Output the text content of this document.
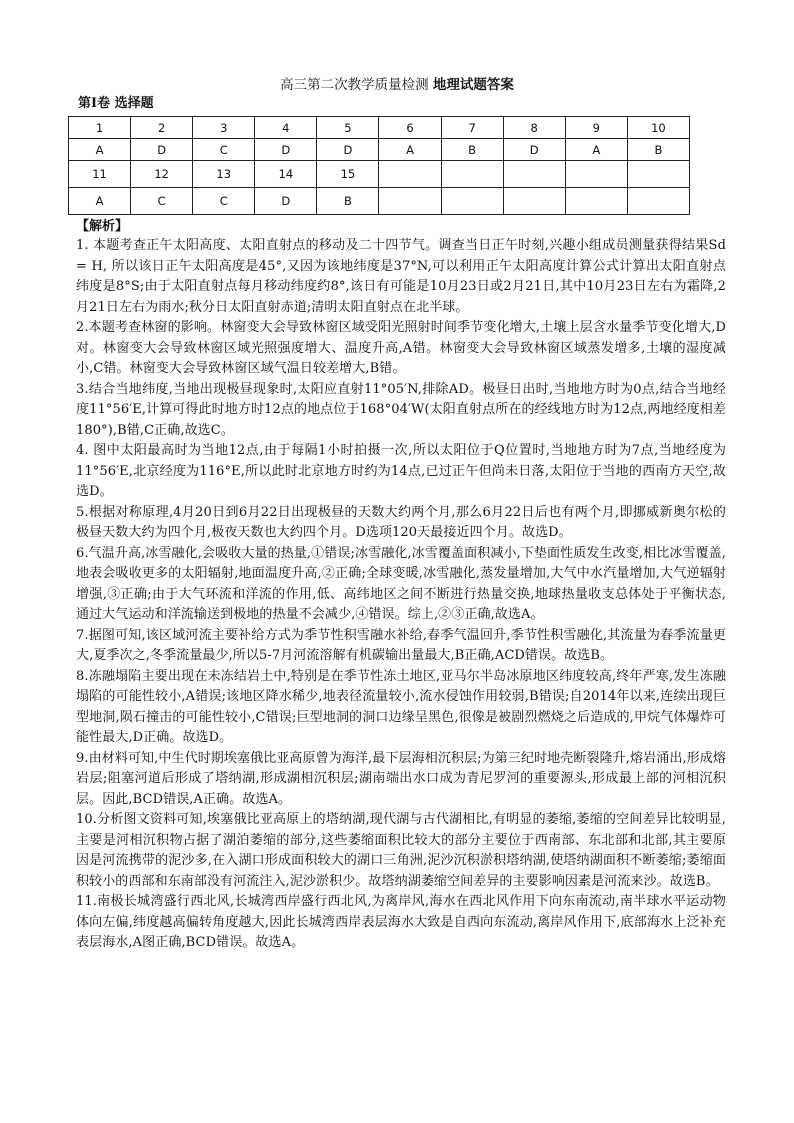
高三第二次教学质量检测 地理试题答案
第Ⅰ卷 选择题
1	2	3	4	5	6	7	8	9	10
A	D	C	D	D	A	B	D	A	B
11	12	13	14	15					
A	C	C	D	B					
【解析】

1. 本题考查正午太阳高度、太阳直射点的移动及二十四节气。调查当日正午时刻,兴趣小组成员测量获得结果Sd = H, 所以该日正午太阳高度是45°,又因为该地纬度是37°N,可以利用正午太阳高度计算公式计算出太阳直射点纬度是8°S;由于太阳直射点每月移动纬度约8°,该日有可能是10月23日或2月21日,其中10月23日左右为霜降,2月21日左右为雨水;秋分日太阳直射赤道;清明太阳直射点在北半球。

2.本题考查林窗的影响。林窗变大会导致林窗区域受阳光照射时间季节变化增大,土壤上层含水量季节变化增大,D对。林窗变大会导致林窗区域光照强度增大、温度升高,A错。林窗变大会导致林窗区域蒸发增多,土壤的湿度减小,C错。林窗变大会导致林窗区域气温日较差增大,B错。

3.结合当地纬度,当地出现极昼现象时,太阳应直射11°05′N,排除AD。极昼日出时,当地地方时为0点,结合当地经度11°56′E,计算可得此时地方时12点的地点位于168°04′W(太阳直射点所在的经线地方时为12点,两地经度相差180°),B错,C正确,故选C。

4. 图中太阳最高时为当地12点,由于每隔1小时拍摄一次,所以太阳位于Q位置时,当地地方时为7点,当地经度为11°56′E,北京经度为116°E,所以此时北京地方时约为14点,已过正午但尚未日落,太阳位于当地的西南方天空,故选D。

5.根据对称原理,4月20日到6月22日出现极昼的天数大约两个月,那么6月22日后也有两个月,即挪威新奥尔松的极昼天数大约为四个月,极夜天数也大约四个月。D选项120天最接近四个月。故选D。

6.气温升高,冰雪融化,会吸收大量的热量,①错误;冰雪融化,冰雪覆盖面积减小,下垫面性质发生改变,相比冰雪覆盖,地表会吸收更多的太阳辐射,地面温度升高,②正确;全球变暖,冰雪融化,蒸发量增加,大气中水汽量增加,大气逆辐射增强,③正确;由于大气环流和洋流的作用,低、高纬地区之间不断进行热量交换,地球热量收支总体处于平衡状态,通过大气运动和洋流输送到极地的热量不会减少,④错误。综上,②③正确,故选A。

7.据图可知,该区域河流主要补给方式为季节性积雪融水补给,春季气温回升,季节性积雪融化,其流量为春季流量更大,夏季次之,冬季流量最少,所以5-7月河流溶解有机碳输出量最大,B正确,ACD错误。故选B。

8.冻融塌陷主要出现在未冻结岩土中,特别是在季节性冻土地区,亚马尔半岛冰原地区纬度较高,终年严寒,发生冻融塌陷的可能性较小,A错误;该地区降水稀少,地表径流量较小,流水侵蚀作用较弱,B错误;自2014年以来,连续出现巨型地洞,陨石撞击的可能性较小,C错误;巨型地洞的洞口边缘呈黑色,很像是被剧烈燃烧之后造成的,甲烷气体爆炸可能性最大,D正确。故选D。

9.由材料可知,中生代时期埃塞俄比亚高原曾为海洋,最下层海相沉积层;为第三纪时地壳断裂隆升,熔岩涌出,形成熔岩层;阻塞河道后形成了塔纳湖,形成湖相沉积层;湖南端出水口成为青尼罗河的重要源头,形成最上部的河相沉积层。因此,BCD错误,A正确。故选A。

10.分析图文资料可知,埃塞俄比亚高原上的塔纳湖,现代湖与古代湖相比,有明显的萎缩,萎缩的空间差异比较明显,主要是河相沉积物占据了湖泊萎缩的部分,这些萎缩面积比较大的部分主要位于西南部、东北部和北部,其主要原因是河流携带的泥沙多,在入湖口形成面积较大的湖口三角洲,泥沙沉积淤积塔纳湖,使塔纳湖面积不断萎缩;萎缩面积较小的西部和东南部没有河流注入,泥沙淤积少。故塔纳湖萎缩空间差异的主要影响因素是河流来沙。故选B。

11.南极长城湾盛行西北风,长城湾西岸盛行西北风,为离岸风,海水在西北风作用下向东南流动,南半球水平运动物体向左偏,纬度越高偏转角度越大,因此长城湾西岸表层海水大致是自西向东流动,离岸风作用下,底部海水上泛补充表层海水,A图正确,BCD错误。故选A。
